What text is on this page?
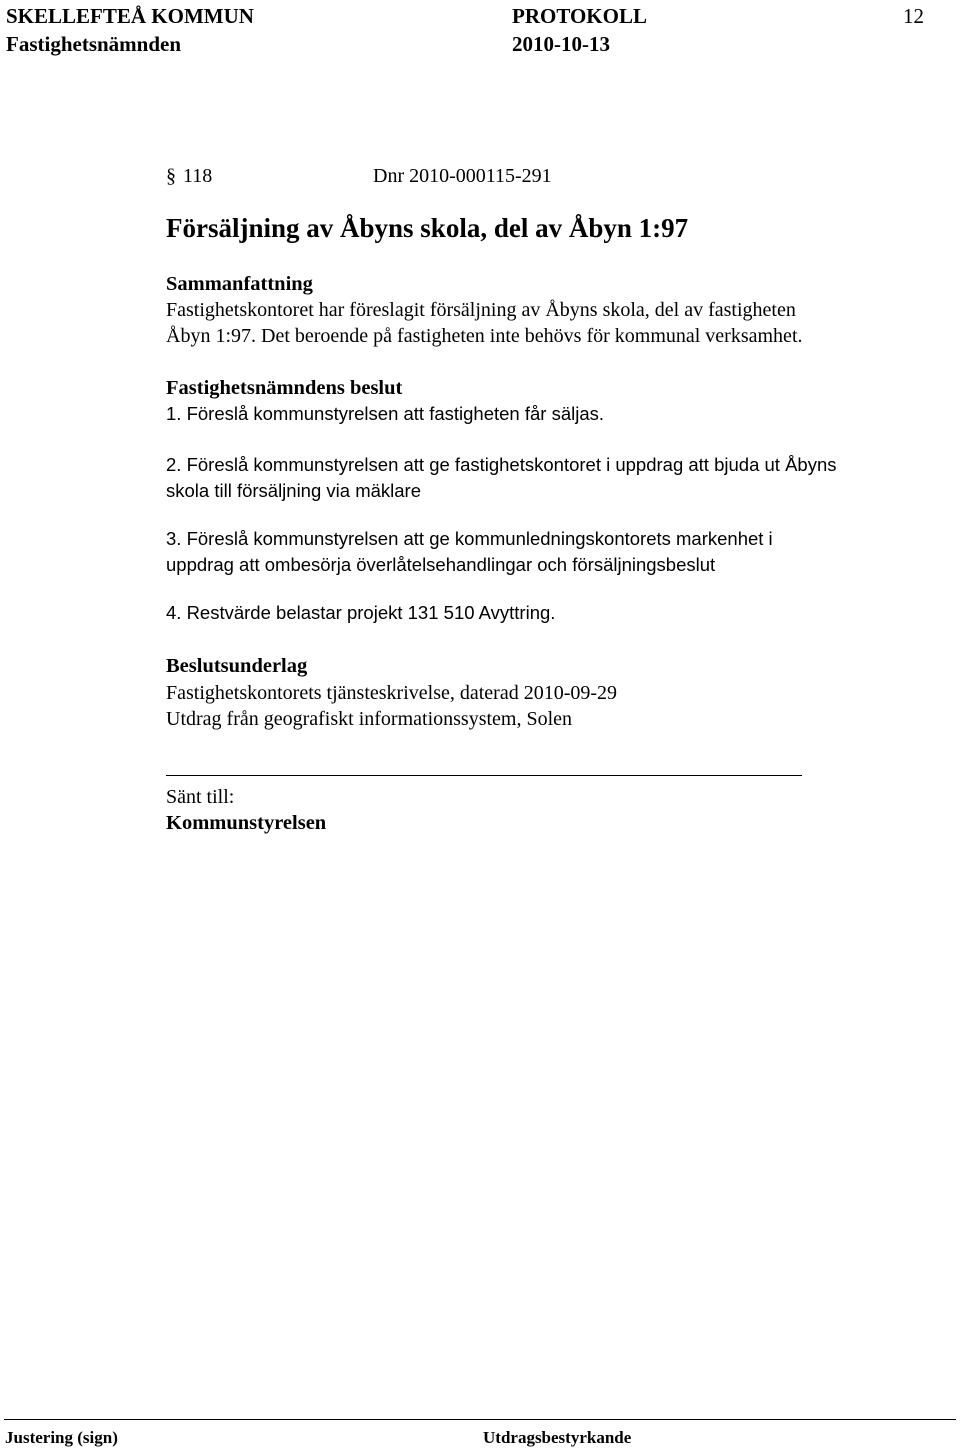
SKELLEFTEÅ KOMMUN	PROTOKOLL	12
Fastighetsnämnden	2010-10-13
§ 118	Dnr 2010-000115-291
Försäljning av Åbyns skola, del av Åbyn 1:97
Sammanfattning
Fastighetskontoret har föreslagit försäljning av Åbyns skola, del av fastigheten
Åbyn 1:97. Det beroende på fastigheten inte behövs för kommunal verksamhet.
Fastighetsnämndens beslut
1. Föreslå kommunstyrelsen att fastigheten får säljas.
2. Föreslå kommunstyrelsen att ge fastighetskontoret i uppdrag att bjuda ut Åbyns
skola till försäljning via mäklare
3. Föreslå kommunstyrelsen att ge kommunledningskontorets markenhet i
uppdrag att ombesörja överlåtelsehandlingar och försäljningsbeslut
4. Restvärde belastar projekt 131 510 Avyttring.
Beslutsunderlag
Fastighetskontorets tjänsteskrivelse, daterad 2010-09-29
Utdrag från geografiskt informationssystem, Solen
Sänt till:
Kommunstyrelsen
Justering (sign)	Utdragsbestyrkande
